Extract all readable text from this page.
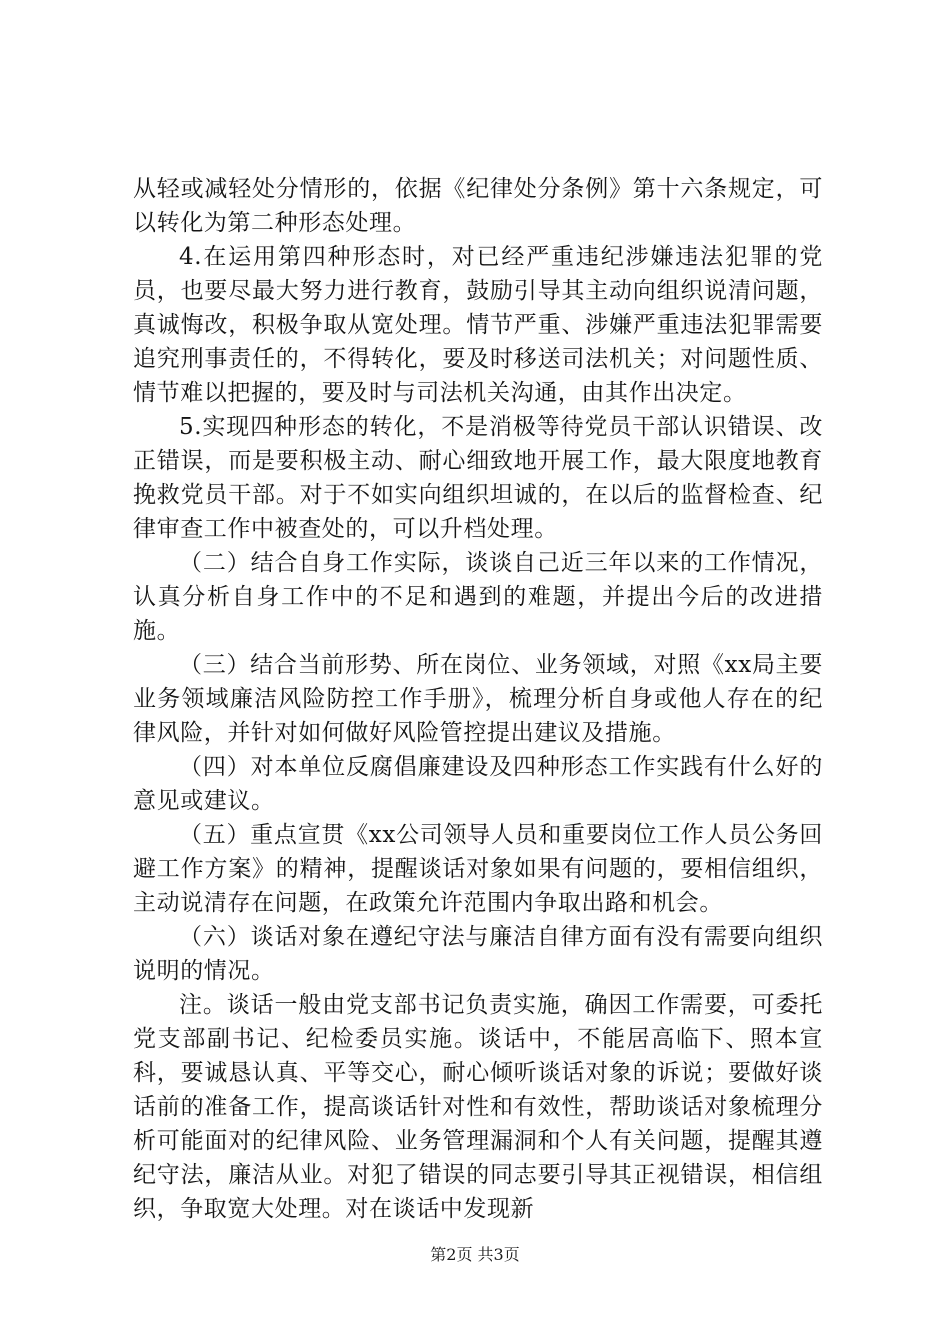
从轻或减轻处分情形的，依据《纪律处分条例》第十六条规定，可以转化为第二种形态处理。

4.在运用第四种形态时，对已经严重违纪涉嫌违法犯罪的党员，也要尽最大努力进行教育，鼓励引导其主动向组织说清问题，真诚悔改，积极争取从宽处理。情节严重、涉嫌严重违法犯罪需要追究刑事责任的，不得转化，要及时移送司法机关；对问题性质、情节难以把握的，要及时与司法机关沟通，由其作出决定。

5.实现四种形态的转化，不是消极等待党员干部认识错误、改正错误，而是要积极主动、耐心细致地开展工作，最大限度地教育挽救党员干部。对于不如实向组织坦诚的，在以后的监督检查、纪律审查工作中被查处的，可以升档处理。

（二）结合自身工作实际，谈谈自己近三年以来的工作情况，认真分析自身工作中的不足和遇到的难题，并提出今后的改进措施。

（三）结合当前形势、所在岗位、业务领域，对照《xx局主要业务领域廉洁风险防控工作手册》，梳理分析自身或他人存在的纪律风险，并针对如何做好风险管控提出建议及措施。

（四）对本单位反腐倡廉建设及四种形态工作实践有什么好的意见或建议。

（五）重点宣贯《xx公司领导人员和重要岗位工作人员公务回避工作方案》的精神，提醒谈话对象如果有问题的，要相信组织，主动说清存在问题，在政策允许范围内争取出路和机会。

（六）谈话对象在遵纪守法与廉洁自律方面有没有需要向组织说明的情况。

注。谈话一般由党支部书记负责实施，确因工作需要，可委托党支部副书记、纪检委员实施。谈话中，不能居高临下、照本宣科，要诚恳认真、平等交心，耐心倾听谈话对象的诉说；要做好谈话前的准备工作，提高谈话针对性和有效性，帮助谈话对象梳理分析可能面对的纪律风险、业务管理漏洞和个人有关问题，提醒其遵纪守法，廉洁从业。对犯了错误的同志要引导其正视错误，相信组织，争取宽大处理。对在谈话中发现新

第2页 共3页
